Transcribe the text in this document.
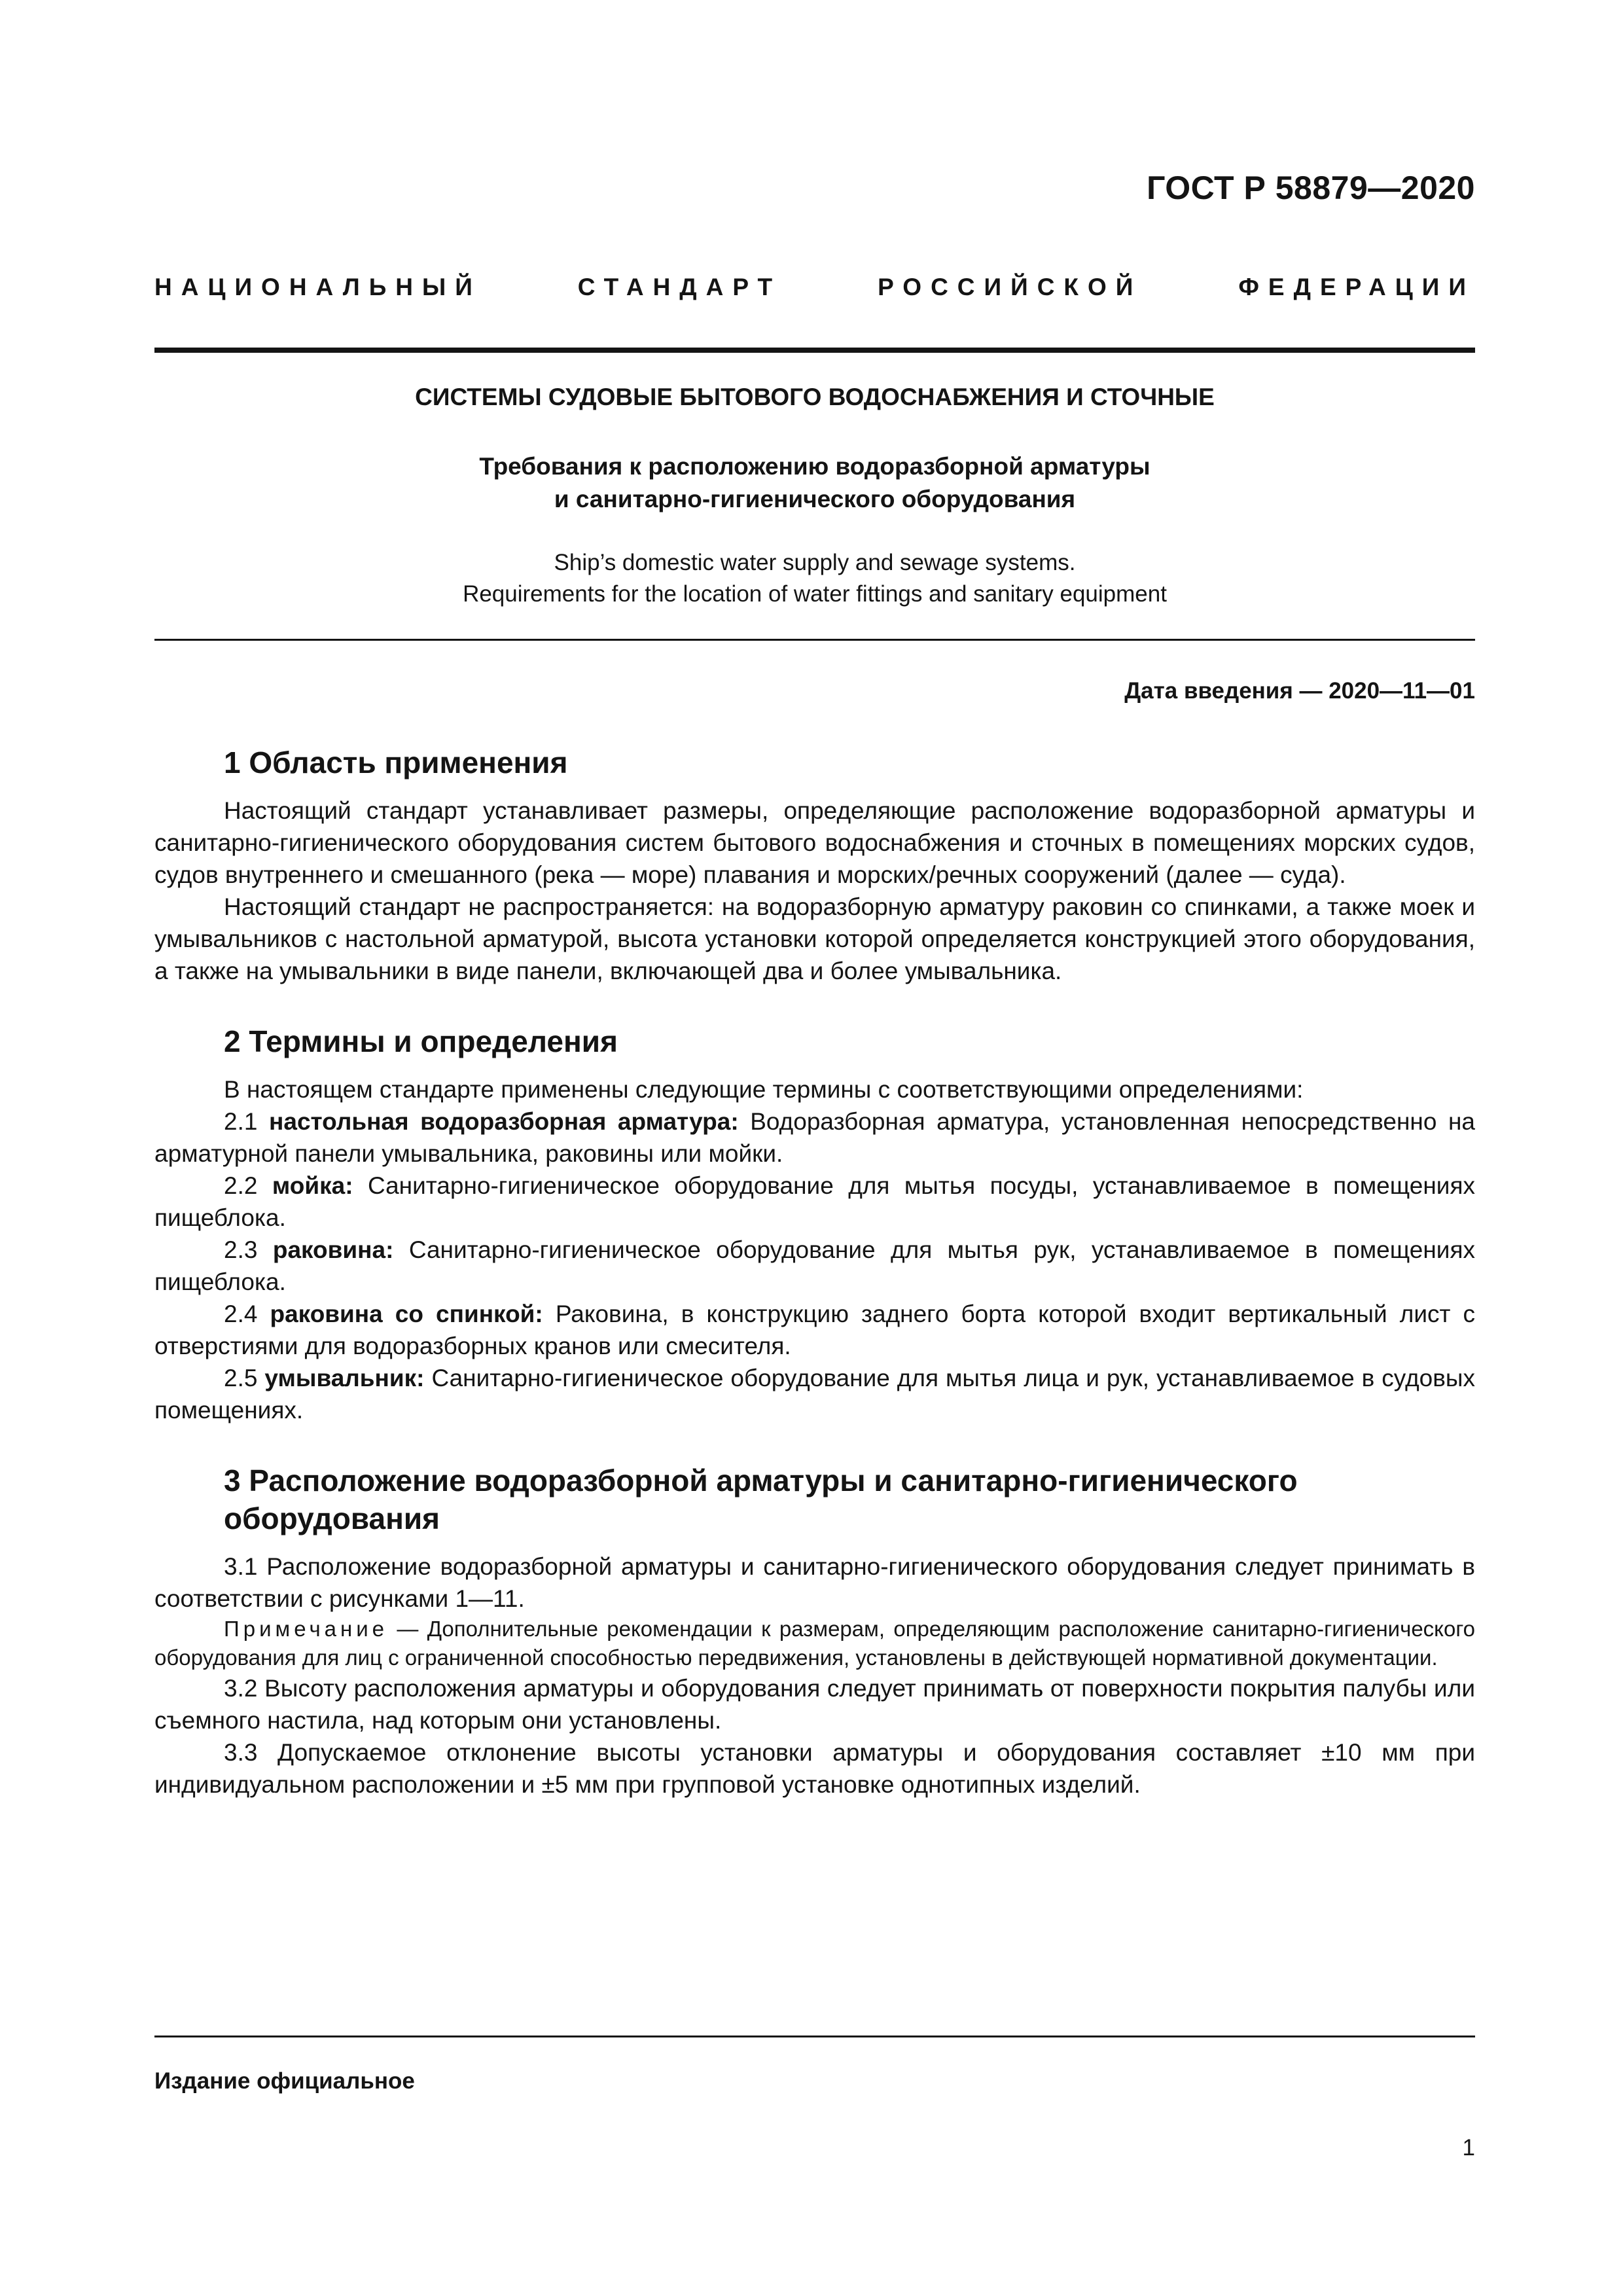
ГОСТ Р 58879—2020
НАЦИОНАЛЬНЫЙ СТАНДАРТ РОССИЙСКОЙ ФЕДЕРАЦИИ
СИСТЕМЫ СУДОВЫЕ БЫТОВОГО ВОДОСНАБЖЕНИЯ И СТОЧНЫЕ
Требования к расположению водоразборной арматуры
и санитарно-гигиенического оборудования
Ship’s domestic water supply and sewage systems.
Requirements for the location of water fittings and sanitary equipment
Дата введения — 2020—11—01
1 Область применения

Настоящий стандарт устанавливает размеры, определяющие расположение водоразборной арматуры и санитарно-гигиенического оборудования систем бытового водоснабжения и сточных в помещениях морских судов, судов внутреннего и смешанного (река — море) плавания и морских/речных сооружений (далее — суда).

Настоящий стандарт не распространяется: на водоразборную арматуру раковин со спинками, а также моек и умывальников с настольной арматурой, высота установки которой определяется конструкцией этого оборудования, а также на умывальники в виде панели, включающей два и более умывальника.

2 Термины и определения

В настоящем стандарте применены следующие термины с соответствующими определениями:

2.1 настольная водоразборная арматура: Водоразборная арматура, установленная непосредственно на арматурной панели умывальника, раковины или мойки.

2.2 мойка: Санитарно-гигиеническое оборудование для мытья посуды, устанавливаемое в помещениях пищеблока.

2.3 раковина: Санитарно-гигиеническое оборудование для мытья рук, устанавливаемое в помещениях пищеблока.

2.4 раковина со спинкой: Раковина, в конструкцию заднего борта которой входит вертикальный лист с отверстиями для водоразборных кранов или смесителя.

2.5 умывальник: Санитарно-гигиеническое оборудование для мытья лица и рук, устанавливаемое в судовых помещениях.

3 Расположение водоразборной арматуры и санитарно-гигиенического
оборудования

3.1 Расположение водоразборной арматуры и санитарно-гигиенического оборудования следует принимать в соответствии с рисунками 1—11.

Примечание — Дополнительные рекомендации к размерам, определяющим расположение санитарно-гигиенического оборудования для лиц с ограниченной способностью передвижения, установлены в действующей нормативной документации.

3.2 Высоту расположения арматуры и оборудования следует принимать от поверхности покрытия палубы или съемного настила, над которым они установлены.

3.3 Допускаемое отклонение высоты установки арматуры и оборудования составляет ±10 мм при индивидуальном расположении и ±5 мм при групповой установке однотипных изделий.

Издание официальное
1
